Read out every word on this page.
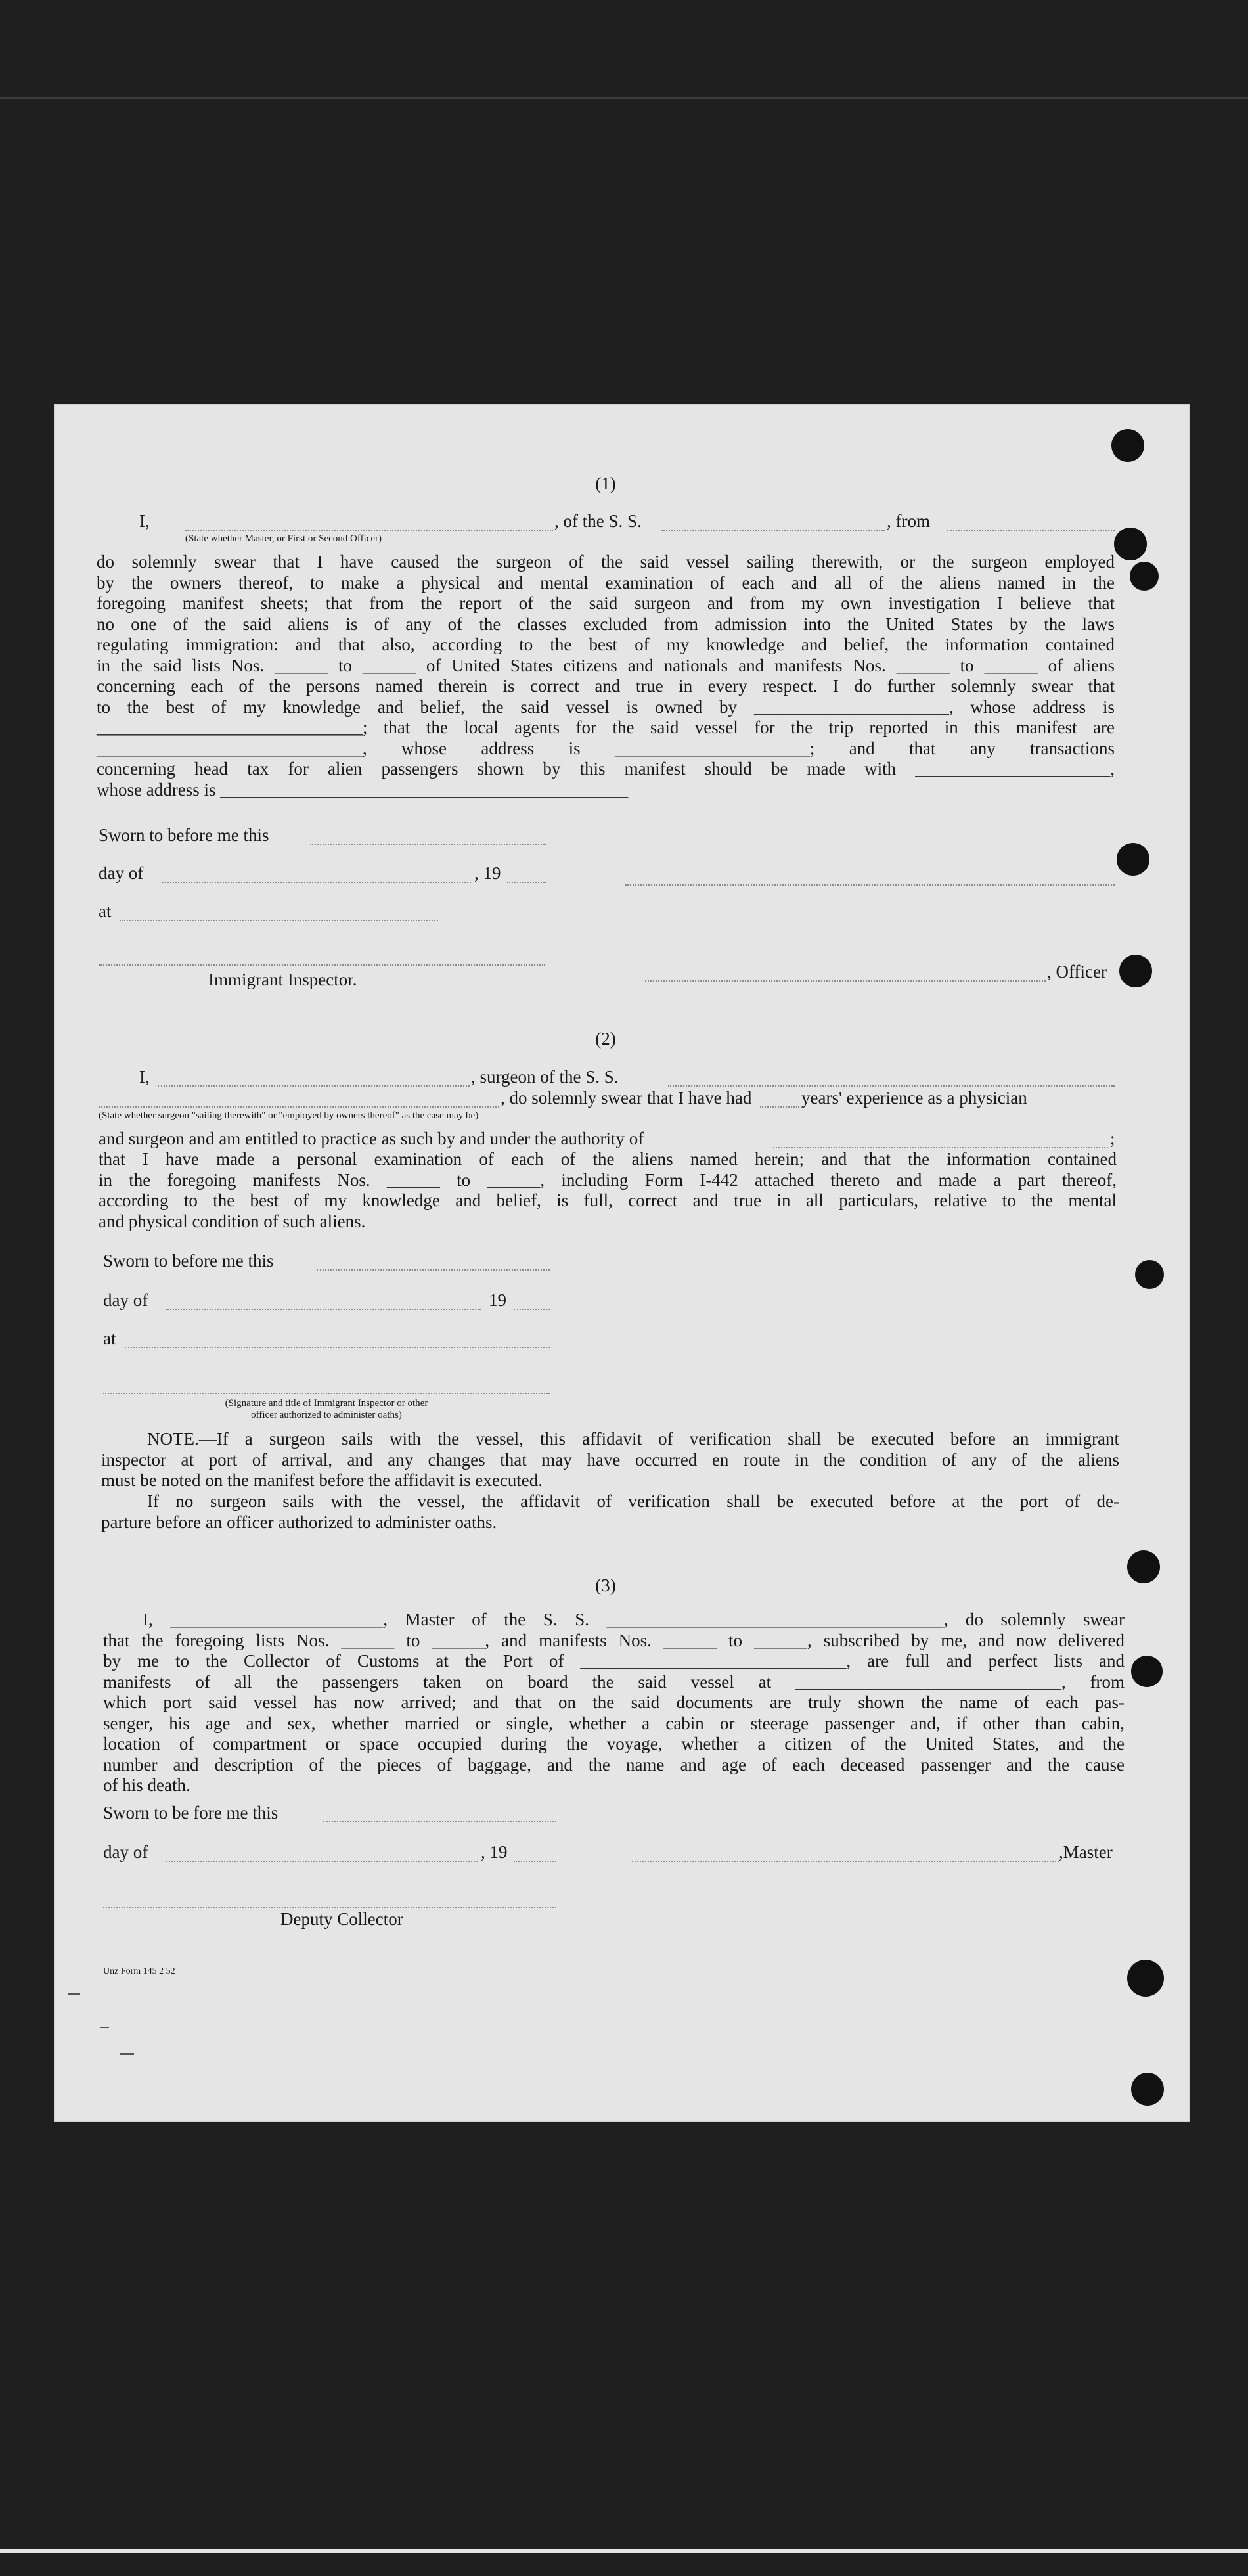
(1)
I,	, of the S. S.	, from
(State whether Master, or First or Second Officer)
do solemnly swear that I have caused the surgeon of the said vessel sailing therewith, or the surgeon employed
by the owners thereof, to make a physical and mental examination of each and all of the aliens named in the
foregoing manifest sheets; that from the report of the said surgeon and from my own investigation I believe that
no one of the said aliens is of any of the classes excluded from admission into the United States by the laws
regulating immigration: and that also, according to the best of my knowledge and belief, the information contained
in the said lists Nos. ______ to ______ of United States citizens and nationals and manifests Nos. ______ to ______ of aliens
concerning each of the persons named therein is correct and true in every respect. I do further solemnly swear that
to the best of my knowledge and belief, the said vessel is owned by ______________________, whose address is
______________________________; that the local agents for the said vessel for the trip reported in this manifest are
______________________________, whose address is ______________________; and that any transactions
concerning head tax for alien passengers shown by this manifest should be made with ______________________,
whose address is ______________________________________________
Sworn to before me this
day of	, 19
at
Immigrant Inspector.	, Officer
(2)
I,	, surgeon of the S. S.
, do solemnly swear that I have had	years' experience as a physician
(State whether surgeon "sailing therewith" or "employed by owners thereof" as the case may be)
and surgeon and am entitled to practice as such by and under the authority of	;
that I have made a personal examination of each of the aliens named herein; and that the information contained
in the foregoing manifests Nos. ______ to ______, including Form I-442 attached thereto and made a part thereof,
according to the best of my knowledge and belief, is full, correct and true in all particulars, relative to the mental
and physical condition of such aliens.
Sworn to before me this
day of	19
at
(Signature and title of Immigrant Inspector or other
officer authorized to administer oaths)
NOTE.—If a surgeon sails with the vessel, this affidavit of verification shall be executed before an immigrant
inspector at port of arrival, and any changes that may have occurred en route in the condition of any of the aliens
must be noted on the manifest before the affidavit is executed.
If no surgeon sails with the vessel, the affidavit of verification shall be executed before at the port of de-
parture before an officer authorized to administer oaths.
(3)
I, ________________________, Master of the S. S. ______________________________________, do solemnly swear
that the foregoing lists Nos. ______ to ______, and manifests Nos. ______ to ______, subscribed by me, and now delivered
by me to the Collector of Customs at the Port of ______________________________, are full and perfect lists and
manifests of all the passengers taken on board the said vessel at ______________________________, from
which port said vessel has now arrived; and that on the said documents are truly shown the name of each pas-
senger, his age and sex, whether married or single, whether a cabin or steerage passenger and, if other than cabin,
location of compartment or space occupied during the voyage, whether a citizen of the United States, and the
number and description of the pieces of baggage, and the name and age of each deceased passenger and the cause
of his death.
Sworn to be fore me this
day of	, 19	,Master
Deputy Collector
Unz Form 145 2 52
